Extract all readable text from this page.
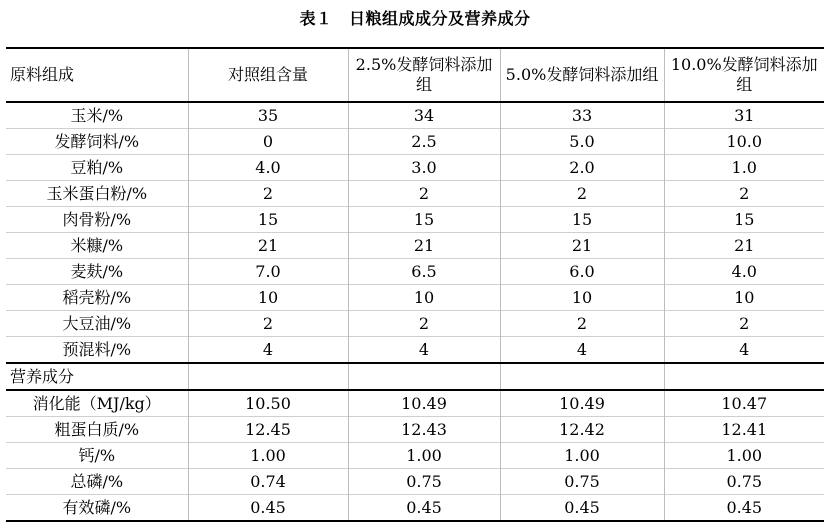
表１　日粮组成成分及营养成分
原料组成	对照组含量	2.5%发酵饲料添加组	5.0%发酵饲料添加组	10.0%发酵饲料添加组
玉米/%	35	34	33	31
发酵饲料/%	0	2.5	5.0	10.0
豆粕/%	4.0	3.0	2.0	1.0
玉米蛋白粉/%	2	2	2	2
肉骨粉/%	15	15	15	15
米糠/%	21	21	21	21
麦麸/%	7.0	6.5	6.0	4.0
稻壳粉/%	10	10	10	10
大豆油/%	2	2	2	2
预混料/%	4	4	4	4
营养成分				
消化能（MJ/kg）	10.50	10.49	10.49	10.47
粗蛋白质/%	12.45	12.43	12.42	12.41
钙/%	1.00	1.00	1.00	1.00
总磷/%	0.74	0.75	0.75	0.75
有效磷/%	0.45	0.45	0.45	0.45
